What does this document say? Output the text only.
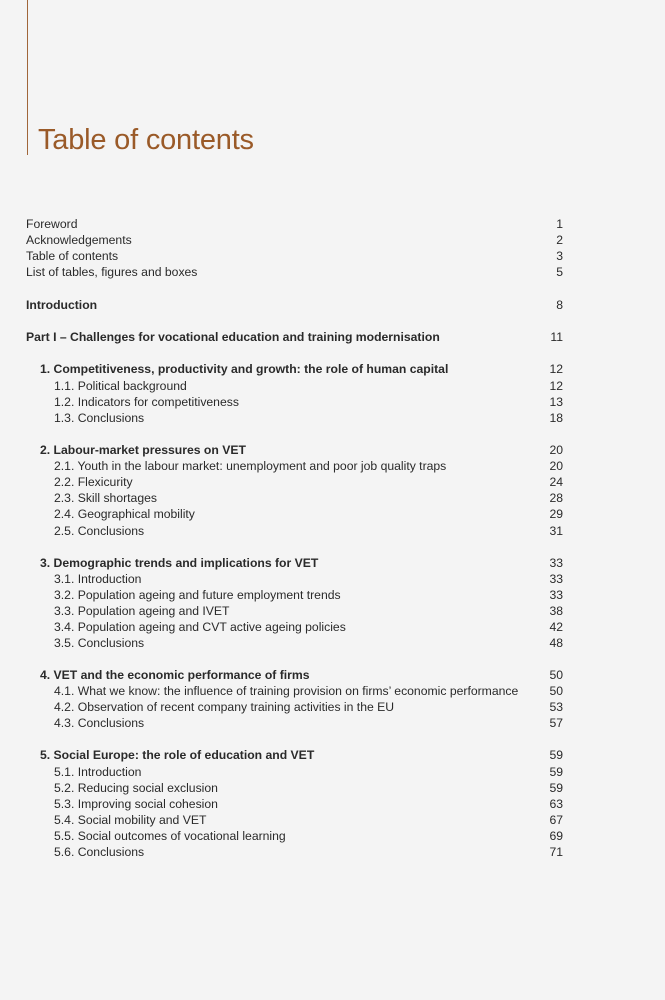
Table of contents
Foreword	1
Acknowledgements	2
Table of contents	3
List of tables, figures and boxes	5
Introduction	8
Part I – Challenges for vocational education and training modernisation	11
1. Competitiveness, productivity and growth: the role of human capital	12
1.1. Political background	12
1.2. Indicators for competitiveness	13
1.3. Conclusions	18
2. Labour-market pressures on VET	20
2.1. Youth in the labour market: unemployment and poor job quality traps	20
2.2. Flexicurity	24
2.3. Skill shortages	28
2.4. Geographical mobility	29
2.5. Conclusions	31
3. Demographic trends and implications for VET	33
3.1. Introduction	33
3.2. Population ageing and future employment trends	33
3.3. Population ageing and IVET	38
3.4. Population ageing and CVT active ageing policies	42
3.5. Conclusions	48
4. VET and the economic performance of firms	50
4.1. What we know: the influence of training provision on firms’ economic performance	50
4.2. Observation of recent company training activities in the EU	53
4.3. Conclusions	57
5. Social Europe: the role of education and VET	59
5.1. Introduction	59
5.2. Reducing social exclusion	59
5.3. Improving social cohesion	63
5.4. Social mobility and VET	67
5.5. Social outcomes of vocational learning	69
5.6. Conclusions	71
